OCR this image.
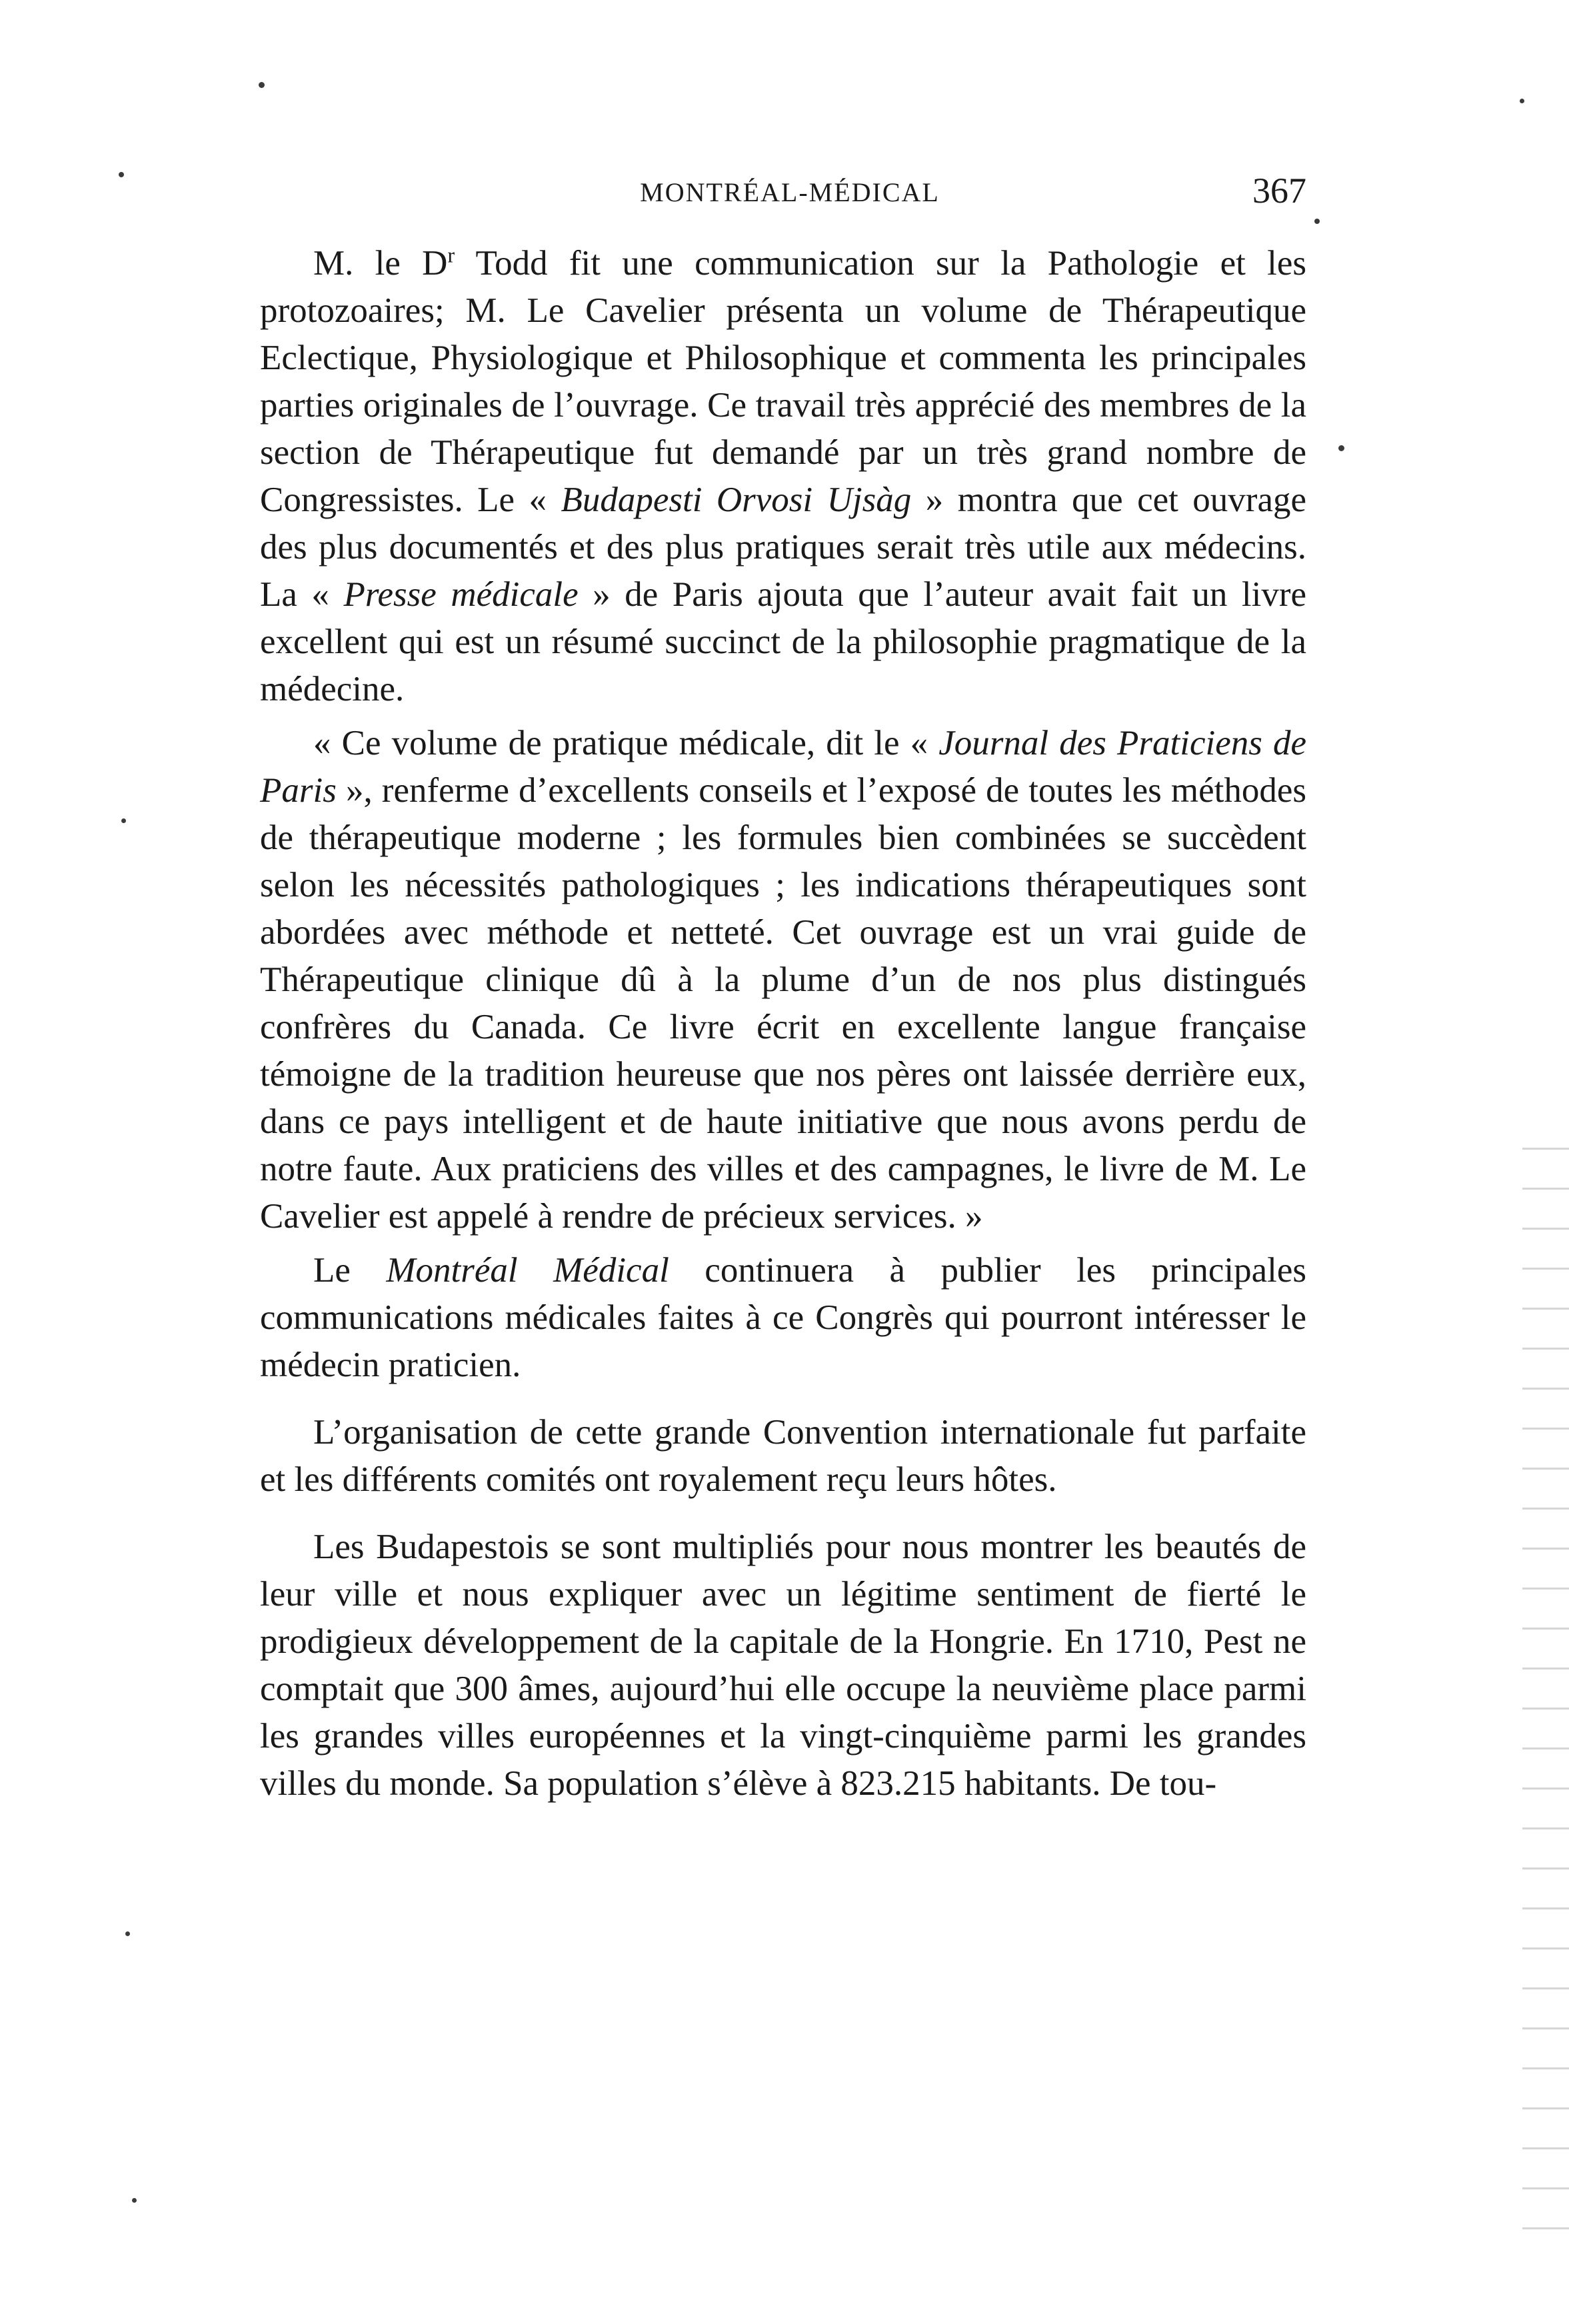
MONTRÉAL-MÉDICAL	367

M. le $D^r$ Todd fit une communication sur la Pathologie et les protozoaires; M. Le Cavelier présenta un volume de Thérapeutique Eclectique, Physiologique et Philosophique et commenta les principales parties originales de l’ouvrage. Ce travail très apprécié des membres de la section de Thérapeutique fut demandé par un très grand nombre de Congressistes. Le « Budapesti Orvosi Ujsàg » montra que cet ouvrage des plus documentés et des plus pratiques serait très utile aux médecins. La « Presse médicale » de Paris ajouta que l’auteur avait fait un livre excellent qui est un résumé succinct de la philosophie pragmatique de la médecine.

« Ce volume de pratique médicale, dit le « Journal des Praticiens de Paris », renferme d’excellents conseils et l’exposé de toutes les méthodes de thérapeutique moderne ; les formules bien combinées se succèdent selon les nécessités pathologiques ; les indications thérapeutiques sont abordées avec méthode et netteté. Cet ouvrage est un vrai guide de Thérapeutique clinique dû à la plume d’un de nos plus distingués confrères du Canada. Ce livre écrit en excellente langue française témoigne de la tradition heureuse que nos pères ont laissée derrière eux, dans ce pays intelligent et de haute initiative que nous avons perdu de notre faute. Aux praticiens des villes et des campagnes, le livre de M. Le Cavelier est appelé à rendre de précieux services. »

Le Montréal Médical continuera à publier les principales communications médicales faites à ce Congrès qui pourront intéresser le médecin praticien.

L’organisation de cette grande Convention internationale fut parfaite et les différents comités ont royalement reçu leurs hôtes.

Les Budapestois se sont multipliés pour nous montrer les beautés de leur ville et nous expliquer avec un légitime sentiment de fierté le prodigieux développement de la capitale de la Hongrie. En 1710, Pest ne comptait que 300 âmes, aujourd’hui elle occupe la neuvième place parmi les grandes villes européennes et la vingt-cinquième parmi les grandes villes du monde. Sa population s’élève à 823.215 habitants. De tou-
